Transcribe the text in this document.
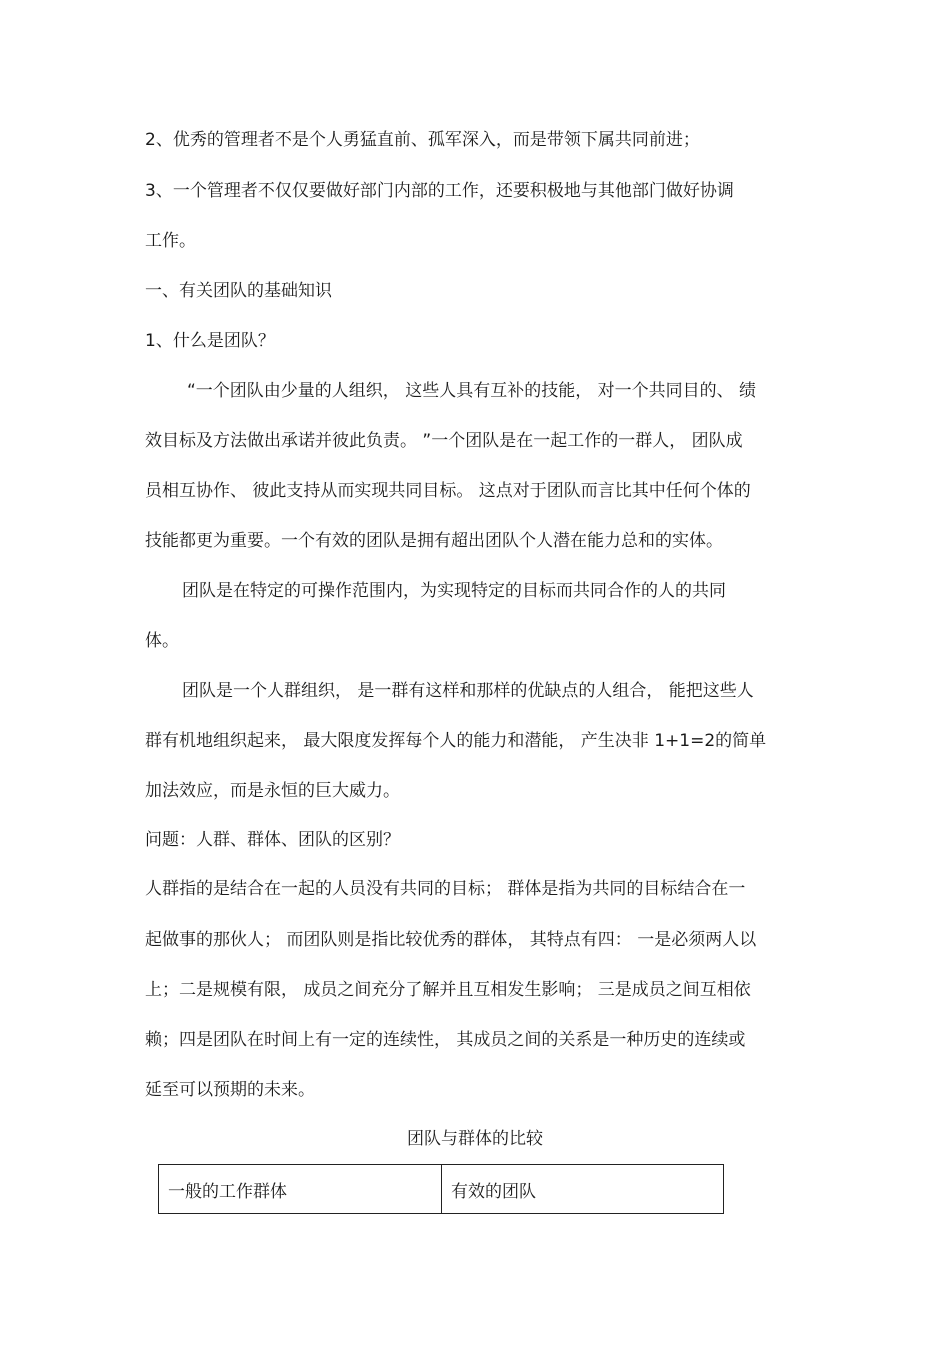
2、优秀的管理者不是个人勇猛直前、孤军深入，而是带领下属共同前进；

3、一个管理者不仅仅要做好部门内部的工作，还要积极地与其他部门做好协调

工作。

一、有关团队的基础知识

1、什么是团队？

“一个团队由少量的人组织， 这些人具有互补的技能， 对一个共同目的、 绩

效目标及方法做出承诺并彼此负责。 ”一个团队是在一起工作的一群人， 团队成

员相互协作、 彼此支持从而实现共同目标。 这点对于团队而言比其中任何个体的

技能都更为重要。一个有效的团队是拥有超出团队个人潜在能力总和的实体。

团队是在特定的可操作范围内，为实现特定的目标而共同合作的人的共同

体。

团队是一个人群组织， 是一群有这样和那样的优缺点的人组合， 能把这些人

群有机地组织起来， 最大限度发挥每个人的能力和潜能， 产生决非 1+1=2的简单

加法效应，而是永恒的巨大威力。

问题：人群、群体、团队的区别？

人群指的是结合在一起的人员没有共同的目标； 群体是指为共同的目标结合在一

起做事的那伙人； 而团队则是指比较优秀的群体， 其特点有四： 一是必须两人以

上；二是规模有限， 成员之间充分了解并且互相发生影响； 三是成员之间互相依

赖；四是团队在时间上有一定的连续性， 其成员之间的关系是一种历史的连续或

延至可以预期的未来。

团队与群体的比较

一般的工作群体	有效的团队
